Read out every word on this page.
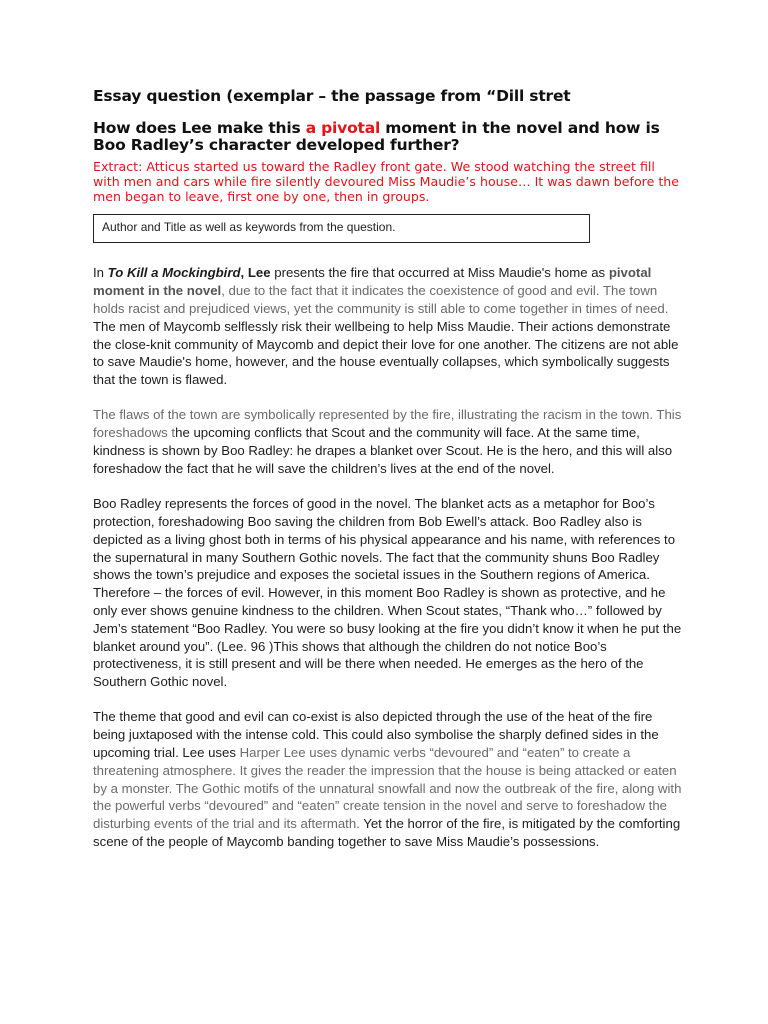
Essay question (exemplar – the passage from “Dill stret
How does Lee make this a pivotal moment in the novel and how is Boo Radley’s character developed further?
Extract: Atticus started us toward the Radley front gate. We stood watching the street fill with men and cars while fire silently devoured Miss Maudie’s house… It was dawn before the men began to leave, first one by one, then in groups.
Author and Title as well as keywords from the question.

In To Kill a Mockingbird, Lee presents the fire that occurred at Miss Maudie's home as pivotal moment in the novel, due to the fact that it indicates the coexistence of good and evil. The town holds racist and prejudiced views, yet the community is still able to come together in times of need. The men of Maycomb selflessly risk their wellbeing to help Miss Maudie. Their actions demonstrate the close-knit community of Maycomb and depict their love for one another. The citizens are not able to save Maudie's home, however, and the house eventually collapses, which symbolically suggests that the town is flawed.

The flaws of the town are symbolically represented by the fire, illustrating the racism in the town. This foreshadows the upcoming conflicts that Scout and the community will face. At the same time, kindness is shown by Boo Radley: he drapes a blanket over Scout. He is the hero, and this will also foreshadow the fact that he will save the children’s lives at the end of the novel.

Boo Radley represents the forces of good in the novel. The blanket acts as a metaphor for Boo’s protection, foreshadowing Boo saving the children from Bob Ewell’s attack. Boo Radley also is depicted as a living ghost both in terms of his physical appearance and his name, with references to the supernatural in many Southern Gothic novels. The fact that the community shuns Boo Radley shows the town’s prejudice and exposes the societal issues in the Southern regions of America. Therefore – the forces of evil. However, in this moment Boo Radley is shown as protective, and he only ever shows genuine kindness to the children. When Scout states, “Thank who…” followed by Jem’s statement “Boo Radley. You were so busy looking at the fire you didn’t know it when he put the blanket around you”. (Lee. 96 )This shows that although the children do not notice Boo’s protectiveness, it is still present and will be there when needed. He emerges as the hero of the Southern Gothic novel.

The theme that good and evil can co-exist is also depicted through the use of the heat of the fire being juxtaposed with the intense cold. This could also symbolise the sharply defined sides in the upcoming trial. Lee uses Harper Lee uses dynamic verbs “devoured” and “eaten” to create a threatening atmosphere. It gives the reader the impression that the house is being attacked or eaten by a monster. The Gothic motifs of the unnatural snowfall and now the outbreak of the fire, along with the powerful verbs “devoured” and “eaten” create tension in the novel and serve to foreshadow the disturbing events of the trial and its aftermath. Yet the horror of the fire, is mitigated by the comforting scene of the people of Maycomb banding together to save Miss Maudie’s possessions.
